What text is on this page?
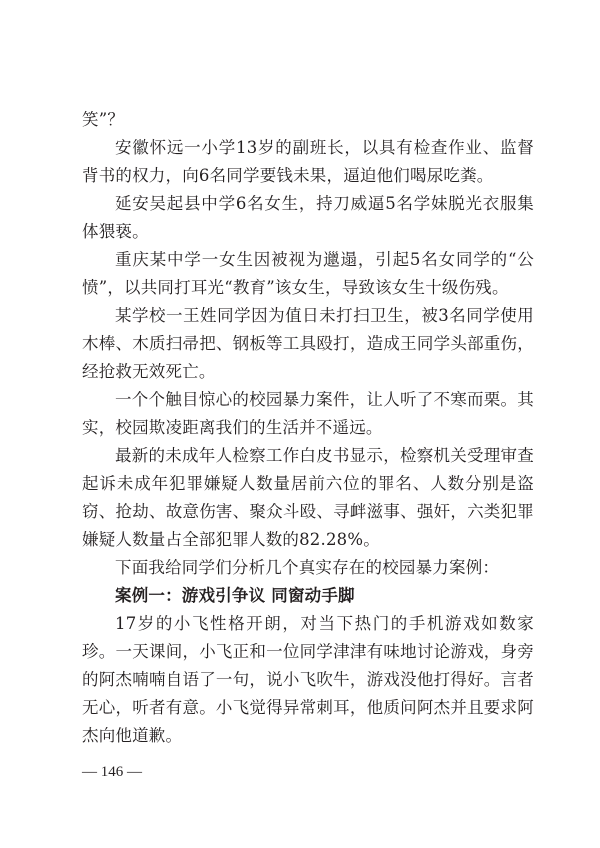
笑”？

安徽怀远一小学13岁的副班长，以具有检查作业、监督背书的权力，向6名同学要钱未果，逼迫他们喝尿吃粪。

延安吴起县中学6名女生，持刀威逼5名学妹脱光衣服集体猥亵。

重庆某中学一女生因被视为邋遢，引起5名女同学的“公愤”，以共同打耳光“教育”该女生，导致该女生十级伤残。

某学校一王姓同学因为值日未打扫卫生，被3名同学使用木棒、木质扫帚把、钢板等工具殴打，造成王同学头部重伤，经抢救无效死亡。

一个个触目惊心的校园暴力案件，让人听了不寒而栗。其实，校园欺凌距离我们的生活并不遥远。

最新的未成年人检察工作白皮书显示，检察机关受理审查起诉未成年犯罪嫌疑人数量居前六位的罪名、人数分别是盗窃、抢劫、故意伤害、聚众斗殴、寻衅滋事、强奸，六类犯罪嫌疑人数量占全部犯罪人数的82.28%。

下面我给同学们分析几个真实存在的校园暴力案例：

案例一：游戏引争议 同窗动手脚

17岁的小飞性格开朗，对当下热门的手机游戏如数家珍。一天课间，小飞正和一位同学津津有味地讨论游戏，身旁的阿杰喃喃自语了一句，说小飞吹牛，游戏没他打得好。言者无心，听者有意。小飞觉得异常刺耳，他质问阿杰并且要求阿杰向他道歉。

— 146 —
